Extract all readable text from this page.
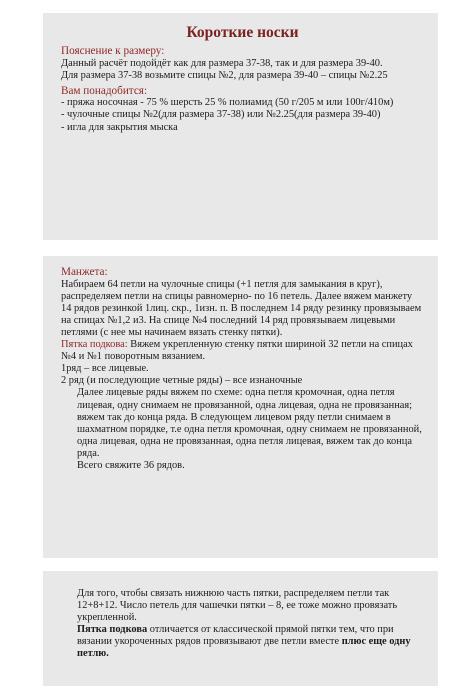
Короткие носки
Пояснение к размеру:

Данный расчёт подойдёт как для размера 37-38, так и для размера 39-40.

Для размера 37-38 возьмите спицы №2, для размера 39-40 – спицы №2.25

Вам понадобится:

- пряжа носочная - 75 % шерсть 25 % полиамид (50 г/205 м или 100г/410м)

- чулочные спицы №2(для размера 37-38) или №2.25(для размера 39-40)

- игла для закрытия мыска

Манжета:

Набираем 64 петли на чулочные спицы (+1 петля для замыкания в круг), распределяем петли на спицы равномерно- по 16 петель. Далее вяжем манжету 14 рядов резинкой 1лиц. скр., 1изн. п. В последнем 14 ряду резинку провязываем на спицах №1,2 и3. На спице №4 последний 14 ряд провязываем лицевыми петлями (с нее мы начинаем вязать стенку пятки).

Пятка подкова: Вяжем укрепленную стенку пятки шириной 32 петли на спицах №4 и №1 поворотным вязанием.

1ряд – все лицевые.

2 ряд (и последующие четные ряды) – все изнаночные

Далее лицевые ряды вяжем по схеме: одна петля кромочная, одна петля лицевая, одну снимаем не провязанной, одна лицевая, одна не провязанная; вяжем так до конца ряда. В следующем лицевом ряду петли снимаем в шахматном порядке, т.е одна петля кромочная, одну снимаем не провязанной, одна лицевая, одна не провязанная, одна петля лицевая, вяжем так до конца ряда.

Всего свяжите 36 рядов.

Для того, чтобы связать нижнюю часть пятки, распределяем петли так 12+8+12. Число петель для чашечки пятки – 8, ее тоже можно провязать укрепленной.

Пятка подкова отличается от классической прямой пятки тем, что при вязании укороченных рядов провязывают две петли вместе плюс еще одну петлю.
